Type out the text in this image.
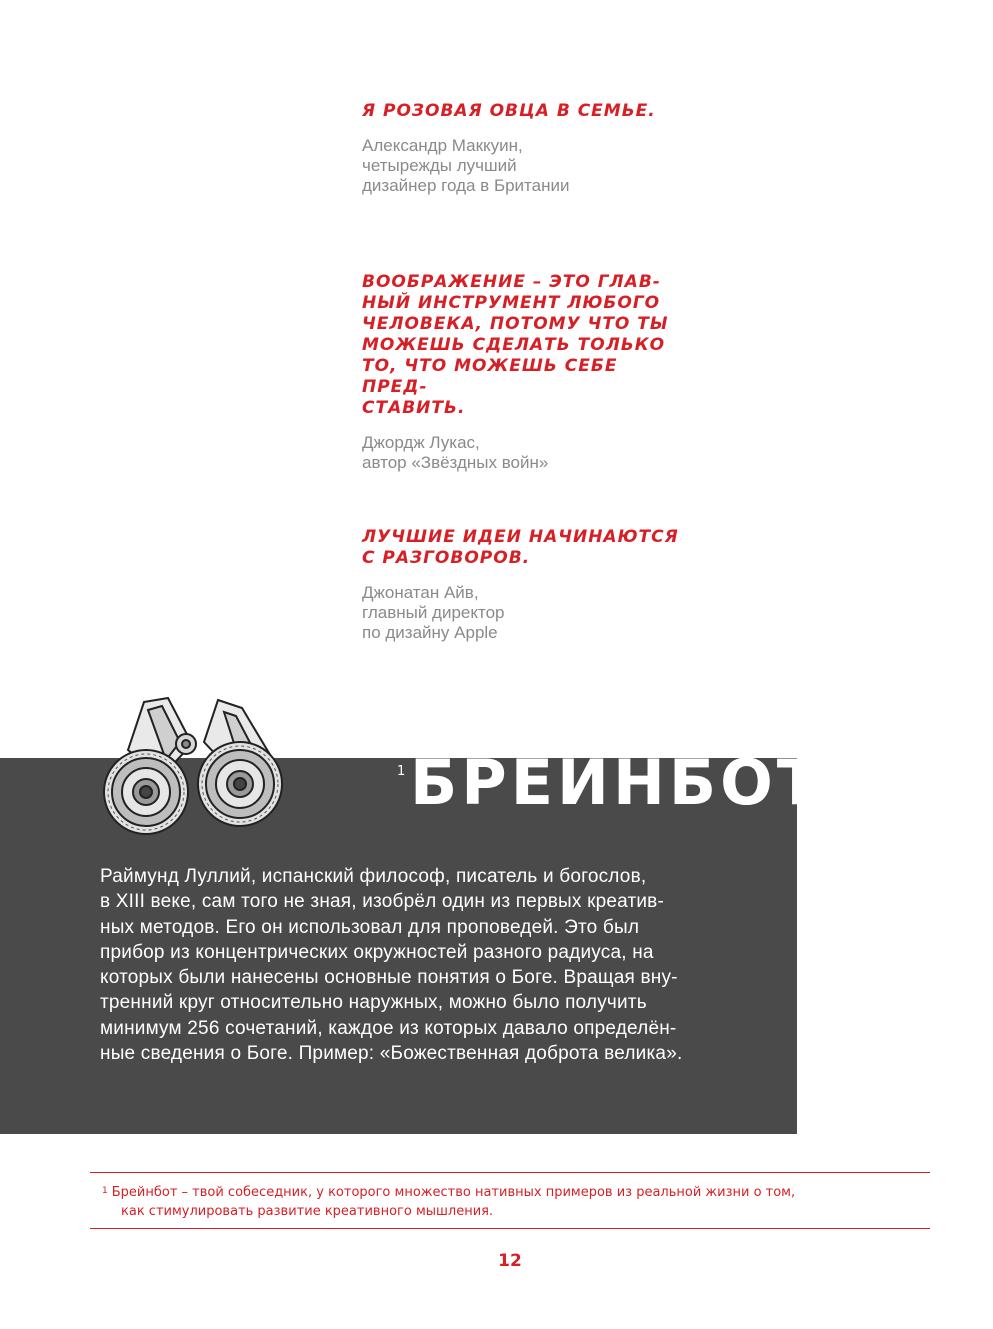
Я РОЗОВАЯ ОВЦА В СЕМЬЕ.

Александр Маккуин,
четырежды лучший
дизайнер года в Британии

ВООБРАЖЕНИЕ – ЭТО ГЛАВ-
НЫЙ ИНСТРУМЕНТ ЛЮБОГО
ЧЕЛОВЕКА, ПОТОМУ ЧТО ТЫ
МОЖЕШЬ СДЕЛАТЬ ТОЛЬКО
ТО, ЧТО МОЖЕШЬ СЕБЕ ПРЕД-
СТАВИТЬ.

Джордж Лукас,
автор «Звёздных войн»

ЛУЧШИЕ ИДЕИ НАЧИНАЮТСЯ
С РАЗГОВОРОВ.

Джонатан Айв,
главный директор
по дизайну Apple

1 БРЕЙНБОТ
Раймунд Луллий, испанский философ, писатель и богослов,
в XIII веке, сам того не зная, изобрёл один из первых креатив-
ных методов. Его он использовал для проповедей. Это был
прибор из концентрических окружностей разного радиуса, на
которых были нанесены основные понятия о Боге. Вращая вну-
тренний круг относительно наружных, можно было получить
минимум 256 сочетаний, каждое из которых давало определён-
ные сведения о Боге. Пример: «Божественная доброта велика».
$^1$ Брейнбот – твой собеседник, у которого множество нативных примеров из реальной жизни о том,
как стимулировать развитие креативного мышления.
12
